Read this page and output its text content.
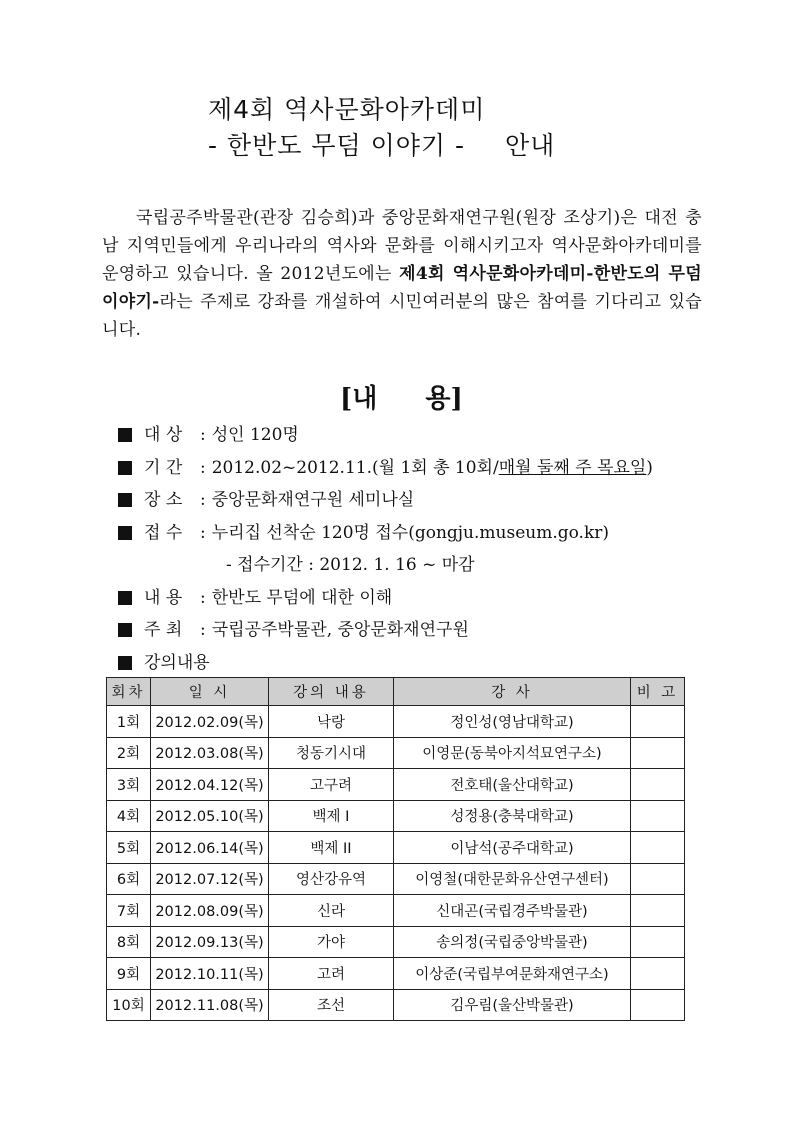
제4회 역사문화아카데미
- 한반도 무덤 이야기 - 안내
국립공주박물관(관장 김승희)과 중앙문화재연구원(원장 조상기)은 대전 충남 지역민들에게 우리나라의 역사와 문화를 이해시키고자 역사문화아카데미를 운영하고 있습니다. 올 2012년도에는 제4회 역사문화아카데미-한반도의 무덤이야기-라는 주제로 강좌를 개설하여 시민여러분의 많은 참여를 기다리고 있습니다.
[내 용]
대 상	: 성인 120명
기 간	: 2012.02~2012.11.(월 1회 총 10회/ 매월 둘째 주 목요일 )
장 소	: 중앙문화재연구원 세미나실
접 수	: 누리집 선착순 120명 접수(gongju.museum.go.kr)
- 접수기간 : 2012. 1. 16 ~ 마감
내 용	: 한반도 무덤에 대한 이해
주 최	: 국립공주박물관, 중앙문화재연구원
강의내용
회차	일 시	강의 내용	강 사	비 고
1회	2012.02.09(목)	낙랑	정인성(영남대학교)	
2회	2012.03.08(목)	청동기시대	이영문(동북아지석묘연구소)	
3회	2012.04.12(목)	고구려	전호태(울산대학교)	
4회	2012.05.10(목)	백제 I	성정용(충북대학교)	
5회	2012.06.14(목)	백제 II	이남석(공주대학교)	
6회	2012.07.12(목)	영산강유역	이영철(대한문화유산연구센터)	
7회	2012.08.09(목)	신라	신대곤(국립경주박물관)	
8회	2012.09.13(목)	가야	송의정(국립중앙박물관)	
9회	2012.10.11(목)	고려	이상준(국립부여문화재연구소)	
10회	2012.11.08(목)	조선	김우림(울산박물관)	
